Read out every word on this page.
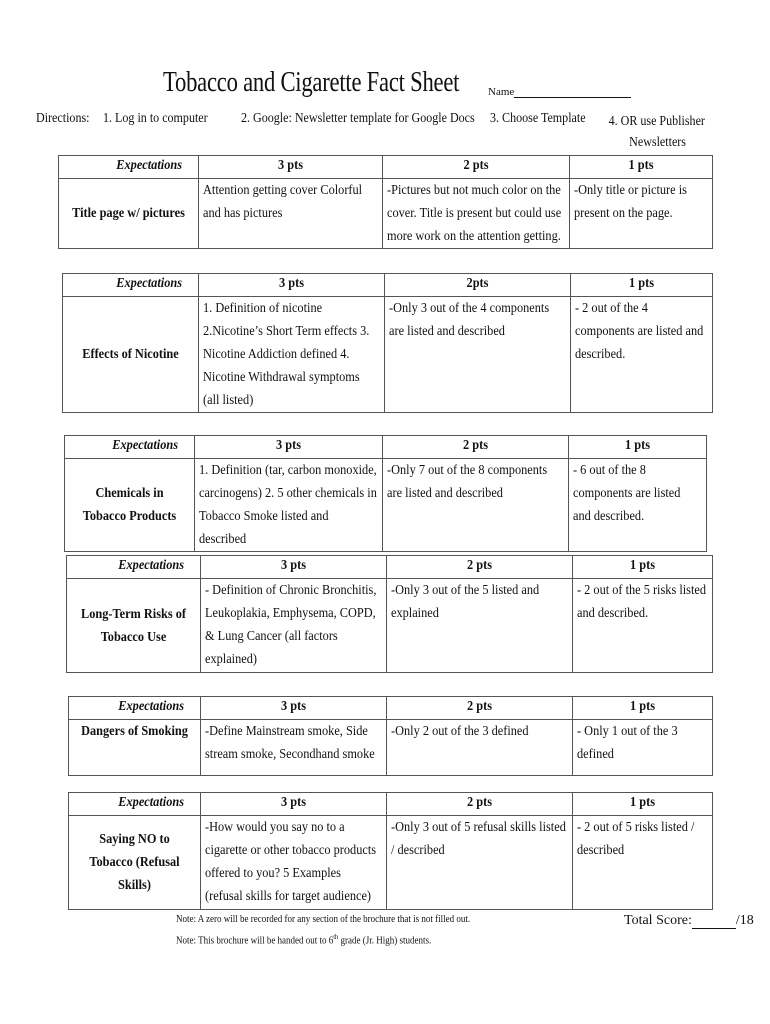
Tobacco and Cigarette Fact Sheet	Name
Directions: 1. Log in to computer 2. Google: Newsletter template for Google Docs 3. Choose Template 4. OR use Publisher
Newsletters
Expectations	3 pts	2 pts	1 pts

Title page w/ pictures	Attention getting cover Colorful and has pictures	-Pictures but not much color on the cover. Title is present but could use more work on the attention getting.	-Only title or picture is present on the page.
Expectations	3 pts	2pts	1 pts

Effects of Nicotine	1. Definition of nicotine 2.Nicotine’s Short Term effects 3. Nicotine Addiction defined 4. Nicotine Withdrawal symptoms (all listed)	-Only 3 out of the 4 components are listed and described	- 2 out of the 4 components are listed and described.
Expectations	3 pts	2 pts	1 pts

Chemicals in Tobacco Products	1. Definition (tar, carbon monoxide, carcinogens) 2. 5 other chemicals in Tobacco Smoke listed and described	-Only 7 out of the 8 components are listed and described	- 6 out of the 8 components are listed and described.
Expectations	3 pts	2 pts	1 pts

Long-Term Risks of Tobacco Use	- Definition of Chronic Bronchitis, Leukoplakia, Emphysema, COPD, & Lung Cancer (all factors explained)	-Only 3 out of the 5 listed and explained	- 2 out of the 5 risks listed and described.
Expectations	3 pts	2 pts	1 pts

Dangers of Smoking	-Define Mainstream smoke, Side stream smoke, Secondhand smoke	-Only 2 out of the 3 defined	- Only 1 out of the 3 defined
Expectations	3 pts	2 pts	1 pts

Saying NO to Tobacco (Refusal Skills)	-How would you say no to a cigarette or other tobacco products offered to you? 5 Examples (refusal skills for target audience)	-Only 3 out of 5 refusal skills listed / described	- 2 out of 5 risks listed / described
Note: A zero will be recorded for any section of the brochure that is not filled out.
Note: This brochure will be handed out to 6th grade (Jr. High) students.
Total Score:	/18
